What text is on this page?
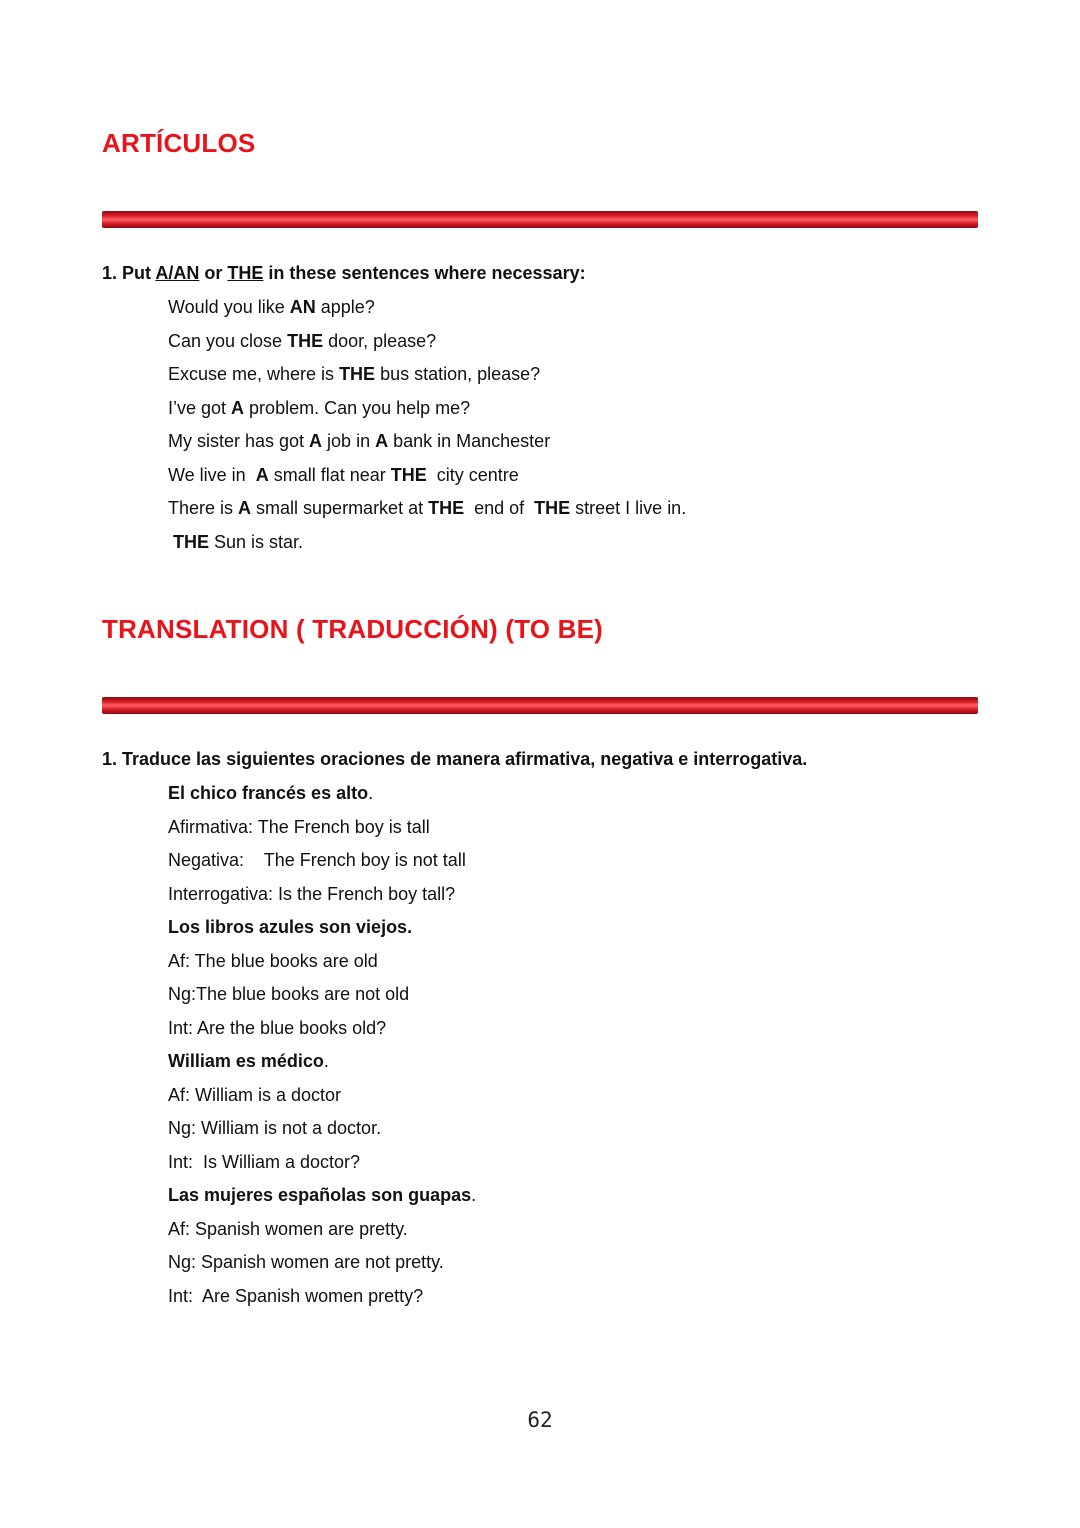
ARTÍCULOS

1. Put A/AN or THE in these sentences where necessary:

Would you like AN apple?
Can you close THE door, please?
Excuse me, where is THE bus station, please?
I’ve got A problem. Can you help me?
My sister has got A job in A bank in Manchester
We live in  A small flat near THE  city centre
There is A small supermarket at THE  end of  THE street I live in.
THE Sun is star.
TRANSLATION ( TRADUCCIÓN) (TO BE)

1. Traduce las siguientes oraciones de manera afirmativa, negativa e interrogativa.

El chico francés es alto.
Afirmativa: The French boy is tall
Negativa:    The French boy is not tall
Interrogativa: Is the French boy tall?
Los libros azules son viejos.
Af: The blue books are old
Ng:The blue books are not old
Int: Are the blue books old?
William es médico.
Af: William is a doctor
Ng: William is not a doctor.
Int:  Is William a doctor?
Las mujeres españolas son guapas.
Af: Spanish women are pretty.
Ng: Spanish women are not pretty.
Int:  Are Spanish women pretty?
62
